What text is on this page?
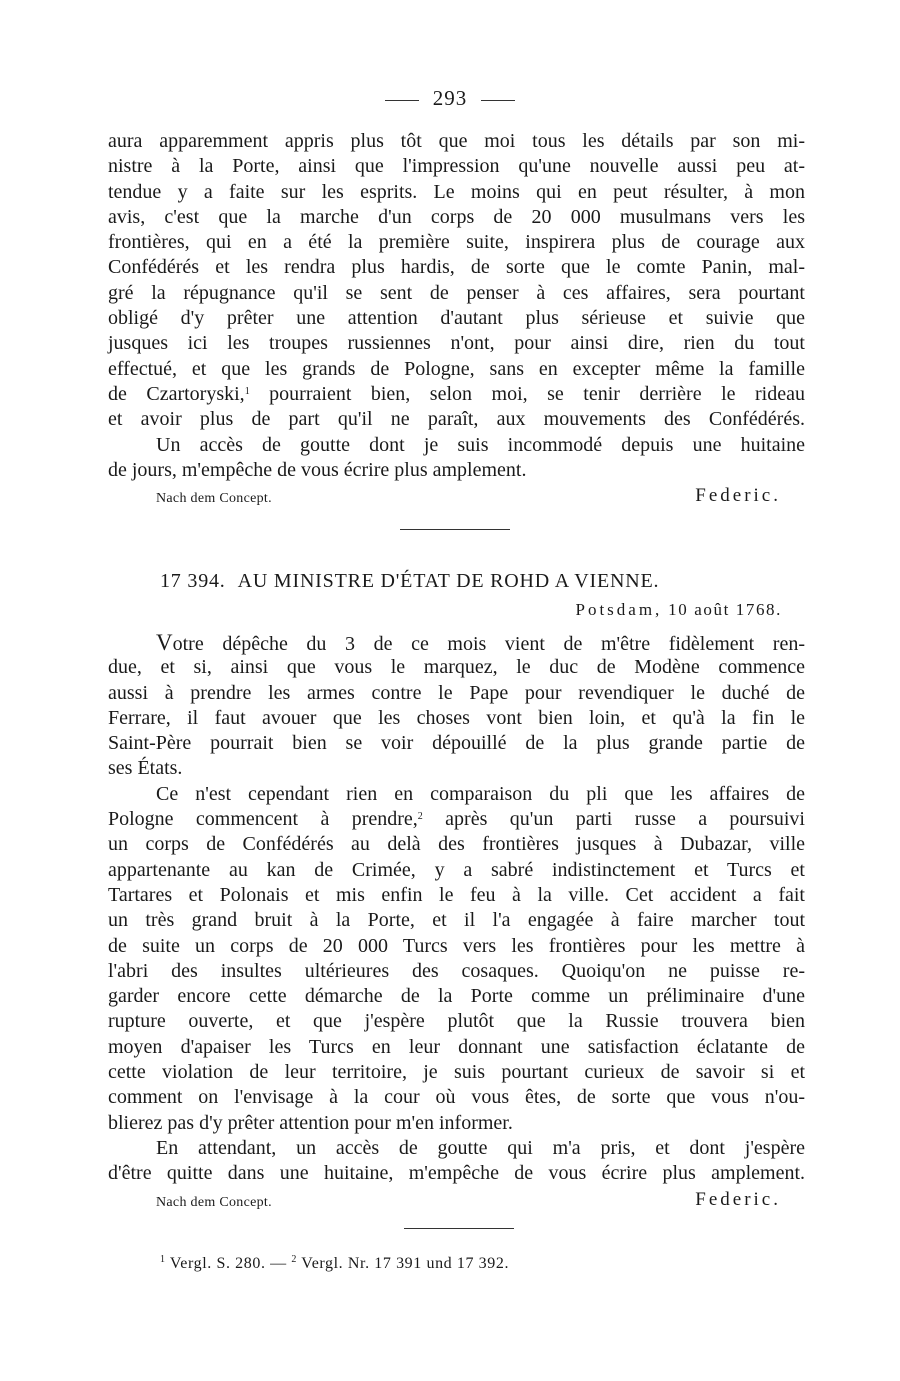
293
aura apparemment appris plus tôt que moi tous les détails par son mi-
nistre à la Porte, ainsi que l'impression qu'une nouvelle aussi peu at-
tendue y a faite sur les esprits. Le moins qui en peut résulter, à mon
avis, c'est que la marche d'un corps de 20 000 musulmans vers les
frontières, qui en a été la première suite, inspirera plus de courage aux
Confédérés et les rendra plus hardis, de sorte que le comte Panin, mal-
gré la répugnance qu'il se sent de penser à ces affaires, sera pourtant
obligé d'y prêter une attention d'autant plus sérieuse et suivie que
jusques ici les troupes russiennes n'ont, pour ainsi dire, rien du tout
effectué, et que les grands de Pologne, sans en excepter même la famille
de Czartoryski,$^1$ pourraient bien, selon moi, se tenir derrière le rideau
et avoir plus de part qu'il ne paraît, aux mouvements des Confédérés.
Un accès de goutte dont je suis incommodé depuis une huitaine
de jours, m'empêche de vous écrire plus amplement.
Nach dem Concept.	Federic.
17 394. AU MINISTRE D'ÉTAT DE ROHD A VIENNE.
Potsdam, 10 août 1768.
Votre dépêche du 3 de ce mois vient de m'être fidèlement ren-
due, et si, ainsi que vous le marquez, le duc de Modène commence
aussi à prendre les armes contre le Pape pour revendiquer le duché de
Ferrare, il faut avouer que les choses vont bien loin, et qu'à la fin le
Saint-Père pourrait bien se voir dépouillé de la plus grande partie de
ses États.
Ce n'est cependant rien en comparaison du pli que les affaires de
Pologne commencent à prendre,$^2$ après qu'un parti russe a poursuivi
un corps de Confédérés au delà des frontières jusques à Dubazar, ville
appartenante au kan de Crimée, y a sabré indistinctement et Turcs et
Tartares et Polonais et mis enfin le feu à la ville. Cet accident a fait
un très grand bruit à la Porte, et il l'a engagée à faire marcher tout
de suite un corps de 20 000 Turcs vers les frontières pour les mettre à
l'abri des insultes ultérieures des cosaques. Quoiqu'on ne puisse re-
garder encore cette démarche de la Porte comme un préliminaire d'une
rupture ouverte, et que j'espère plutôt que la Russie trouvera bien
moyen d'apaiser les Turcs en leur donnant une satisfaction éclatante de
cette violation de leur territoire, je suis pourtant curieux de savoir si et
comment on l'envisage à la cour où vous êtes, de sorte que vous n'ou-
blierez pas d'y prêter attention pour m'en informer.
En attendant, un accès de goutte qui m'a pris, et dont j'espère
d'être quitte dans une huitaine, m'empêche de vous écrire plus amplement.
Nach dem Concept.	Federic.
$^1$ Vergl. S. 280. — $^2$ Vergl. Nr. 17 391 und 17 392.
